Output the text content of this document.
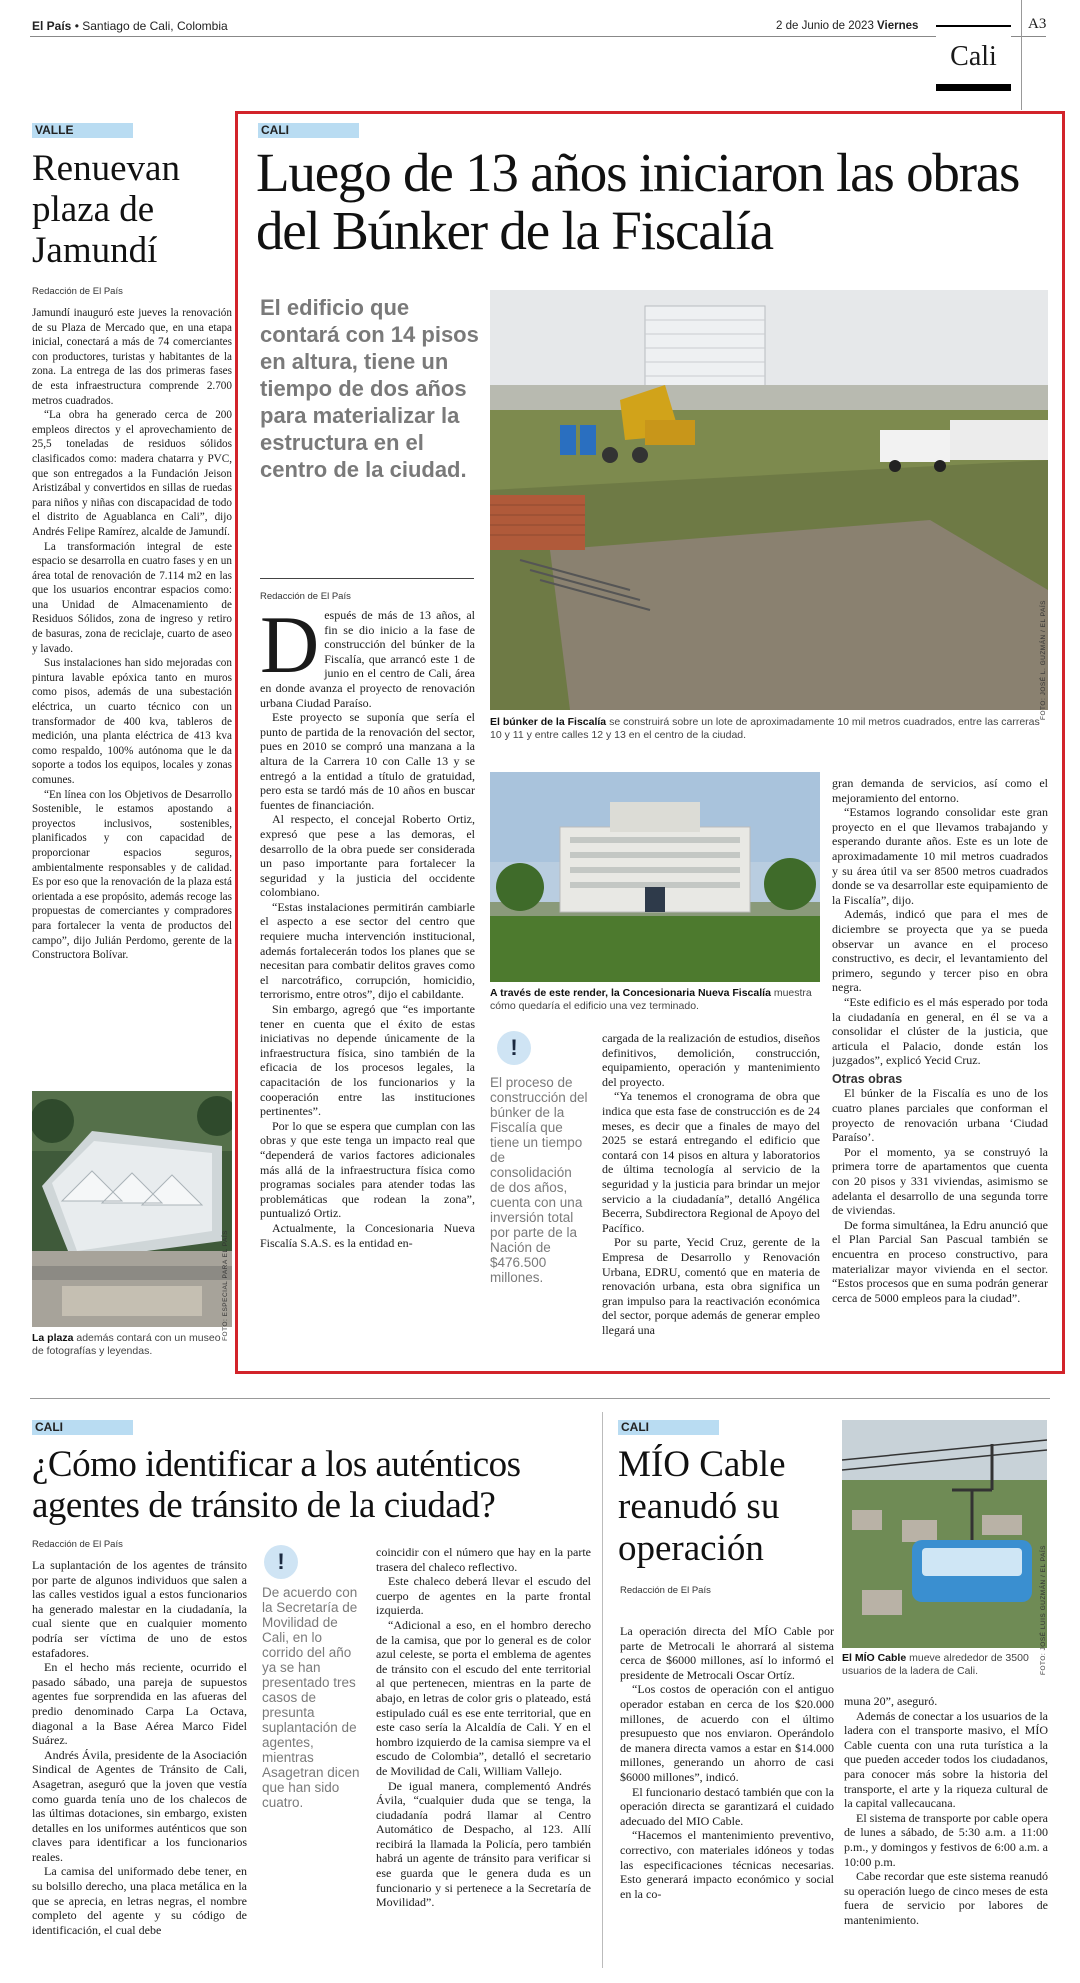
El País • Santiago de Cali, Colombia	2 de Junio de 2023 Viernes	A3
Cali
VALLE
Renuevan plaza de Jamundí
Redacción de El País

Jamundí inauguró este jueves la renovación de su Plaza de Mercado que, en una etapa inicial, conectará a más de 74 comerciantes con productores, turistas y habitantes de la zona. La entrega de las dos primeras fases de esta infraestructura comprende 2.700 metros cuadrados.

“La obra ha generado cerca de 200 empleos directos y el aprovechamiento de 25,5 toneladas de residuos sólidos clasificados como: madera chatarra y PVC, que son entregados a la Fundación Jeison Aristizábal y convertidos en sillas de ruedas para niños y niñas con discapacidad de todo el distrito de Aguablanca en Cali”, dijo Andrés Felipe Ramírez, alcalde de Jamundí.

La transformación integral de este espacio se desarrolla en cuatro fases y en un área total de renovación de 7.114 m2 en las que los usuarios encontrar espacios como: una Unidad de Almacenamiento de Residuos Sólidos, zona de ingreso y retiro de basuras, zona de reciclaje, cuarto de aseo y lavado.

Sus instalaciones han sido mejoradas con pintura lavable epóxica tanto en muros como pisos, además de una subestación eléctrica, un cuarto técnico con un transformador de 400 kva, tableros de medición, una planta eléctrica de 413 kva como respaldo, 100% autónoma que le da soporte a todos los equipos, locales y zonas comunes.

“En línea con los Objetivos de Desarrollo Sostenible, le estamos apostando a proyectos inclusivos, sostenibles, planificados y con capacidad de proporcionar espacios seguros, ambientalmente responsables y de calidad. Es por eso que la renovación de la plaza está orientada a ese propósito, además recoge las propuestas de comerciantes y compradores para fortalecer la venta de productos del campo”, dijo Julián Perdomo, gerente de la Constructora Bolívar.

FOTO: ESPECIAL PARA EL PAÍS
La plaza además contará con un museo de fotografías y leyendas.
CALI
Luego de 13 años iniciaron las obras del Búnker de la Fiscalía
El edificio que contará con 14 pisos en altura, tiene un tiempo de dos años para materializar la estructura en el centro de la ciudad.
Redacción de El País

D espués de más de 13 años, al fin se dio inicio a la fase de construcción del búnker de la Fiscalía, que arrancó este 1 de junio en el centro de Cali, área en donde avanza el proyecto de renovación urbana Ciudad Paraíso.

Este proyecto se suponía que sería el punto de partida de la renovación del sector, pues en 2010 se compró una manzana a la altura de la Carrera 10 con Calle 13 y se entregó a la entidad a título de gratuidad, pero esta se tardó más de 10 años en buscar fuentes de financiación.

Al respecto, el concejal Roberto Ortiz, expresó que pese a las demoras, el desarrollo de la obra puede ser considerada un paso importante para fortalecer la seguridad y la justicia del occidente colombiano.

“Estas instalaciones permitirán cambiarle el aspecto a ese sector del centro que requiere mucha intervención institucional, además fortalecerán todos los planes que se necesitan para combatir delitos graves como el narcotráfico, corrupción, homicidio, terrorismo, entre otros”, dijo el cabildante.

Sin embargo, agregó que “es importante tener en cuenta que el éxito de estas iniciativas no depende únicamente de la infraestructura física, sino también de la eficacia de los procesos legales, la capacitación de los funcionarios y la cooperación entre las instituciones pertinentes”.

Por lo que se espera que cumplan con las obras y que este tenga un impacto real que “dependerá de varios factores adicionales más allá de la infraestructura física como programas sociales para atender todas las problemáticas que rodean la zona”, puntualizó Ortiz.

Actualmente, la Concesionaria Nueva Fiscalía S.A.S. es la entidad en-

FOTO: JOSÉ L. GUZMÁN / EL PAÍS
El búnker de la Fiscalía se construirá sobre un lote de aproximadamente 10 mil metros cuadrados, entre las carreras 10 y 11 y entre calles 12 y 13 en el centro de la ciudad.
A través de este render, la Concesionaria Nueva Fiscalía muestra cómo quedaría el edificio una vez terminado.
!
El proceso de construcción del búnker de la Fiscalía que tiene un tiempo de consolidación de dos años, cuenta con una inversión total por parte de la Nación de $476.500 millones.

cargada de la realización de estudios, diseños definitivos, demolición, construcción, equipamiento, operación y mantenimiento del proyecto.

“Ya tenemos el cronograma de obra que indica que esta fase de construcción es de 24 meses, es decir que a finales de mayo del 2025 se estará entregando el edificio que contará con 14 pisos en altura y laboratorios de última tecnología al servicio de la seguridad y la justicia para brindar un mejor servicio a la ciudadanía”, detalló Angélica Becerra, Subdirectora Regional de Apoyo del Pacífico.

Por su parte, Yecid Cruz, gerente de la Empresa de Desarrollo y Renovación Urbana, EDRU, comentó que en materia de renovación urbana, esta obra significa un gran impulso para la reactivación económica del sector, porque además de generar empleo llegará una

gran demanda de servicios, así como el mejoramiento del entorno.

“Estamos logrando consolidar este gran proyecto en el que llevamos trabajando y esperando durante años. Este es un lote de aproximadamente 10 mil metros cuadrados y su área útil va ser 8500 metros cuadrados donde se va desarrollar este equipamiento de la Fiscalía”, dijo.

Además, indicó que para el mes de diciembre se proyecta que ya se pueda observar un avance en el proceso constructivo, es decir, el levantamiento del primero, segundo y tercer piso en obra negra.

“Este edificio es el más esperado por toda la ciudadanía en general, en él se va a consolidar el clúster de la justicia, que articula el Palacio, donde están los juzgados”, explicó Yecid Cruz.

Otras obras

El búnker de la Fiscalía es uno de los cuatro planes parciales que conforman el proyecto de renovación urbana ‘Ciudad Paraíso’.

Por el momento, ya se construyó la primera torre de apartamentos que cuenta con 20 pisos y 331 viviendas, asimismo se adelanta el desarrollo de una segunda torre de viviendas.

De forma simultánea, la Edru anunció que el Plan Parcial San Pascual también se encuentra en proceso constructivo, para materializar mayor vivienda en el sector. “Estos procesos que en suma podrán generar cerca de 5000 empleos para la ciudad”.

CALI
¿Cómo identificar a los auténticos agentes de tránsito de la ciudad?
Redacción de El País

La suplantación de los agentes de tránsito por parte de algunos individuos que salen a las calles vestidos igual a estos funcionarios ha generado malestar en la ciudadanía, la cual siente que en cualquier momento podría ser víctima de uno de estos estafadores.

En el hecho más reciente, ocurrido el pasado sábado, una pareja de supuestos agentes fue sorprendida en las afueras del predio denominado Carpa La Octava, diagonal a la Base Aérea Marco Fidel Suárez.

Andrés Ávila, presidente de la Asociación Sindical de Agentes de Tránsito de Cali, Asagetran, aseguró que la joven que vestía como guarda tenía uno de los chalecos de las últimas dotaciones, sin embargo, existen detalles en los uniformes auténticos que son claves para identificar a los funcionarios reales.

La camisa del uniformado debe tener, en su bolsillo derecho, una placa metálica en la que se aprecia, en letras negras, el nombre completo del agente y su código de identificación, el cual debe

!
De acuerdo con la Secretaría de Movilidad de Cali, en lo corrido del año ya se han presentado tres casos de presunta suplantación de agentes, mientras Asagetran dicen que han sido cuatro.

coincidir con el número que hay en la parte trasera del chaleco reflectivo.

Este chaleco deberá llevar el escudo del cuerpo de agentes en la parte frontal izquierda.

“Adicional a eso, en el hombro derecho de la camisa, que por lo general es de color azul celeste, se porta el emblema de agentes de tránsito con el escudo del ente territorial al que pertenecen, mientras en la parte de abajo, en letras de color gris o plateado, está estipulado cuál es ese ente territorial, que en este caso sería la Alcaldía de Cali. Y en el hombro izquierdo de la camisa siempre va el escudo de Colombia”, detalló el secretario de Movilidad de Cali, William Vallejo.

De igual manera, complementó Andrés Ávila, “cualquier duda que se tenga, la ciudadanía podrá llamar al Centro Automático de Despacho, al 123. Allí recibirá la llamada la Policía, pero también habrá un agente de tránsito para verificar si ese guarda que le genera duda es un funcionario y si pertenece a la Secretaría de Movilidad”.

CALI
MÍO Cable reanudó su operación
Redacción de El País	FOTO: JOSÉ LUIS GUZMÁN / EL PAÍS
El MÍO Cable mueve alrededor de 3500 usuarios de la ladera de Cali.

La operación directa del MÍO Cable por parte de Metrocali le ahorrará al sistema cerca de $6000 millones, así lo informó el presidente de Metrocali Oscar Ortíz.

“Los costos de operación con el antiguo operador estaban en cerca de los $20.000 millones, de acuerdo con el último presupuesto que nos enviaron. Operándolo de manera directa vamos a estar en $14.000 millones, generando un ahorro de casi $6000 millones”, indicó.

El funcionario destacó también que con la operación directa se garantizará el cuidado adecuado del MIO Cable.

“Hacemos el mantenimiento preventivo, correctivo, con materiales idóneos y todas las especificaciones técnicas necesarias. Esto generará impacto económico y social en la co-

muna 20”, aseguró.

Además de conectar a los usuarios de la ladera con el transporte masivo, el MÍO Cable cuenta con una ruta turística a la que pueden acceder todos los ciudadanos, para conocer más sobre la historia del transporte, el arte y la riqueza cultural de la capital vallecaucana.

El sistema de transporte por cable opera de lunes a sábado, de 5:30 a.m. a 11:00 p.m., y domingos y festivos de 6:00 a.m. a 10:00 p.m.

Cabe recordar que este sistema reanudó su operación luego de cinco meses de esta fuera de servicio por labores de mantenimiento.
